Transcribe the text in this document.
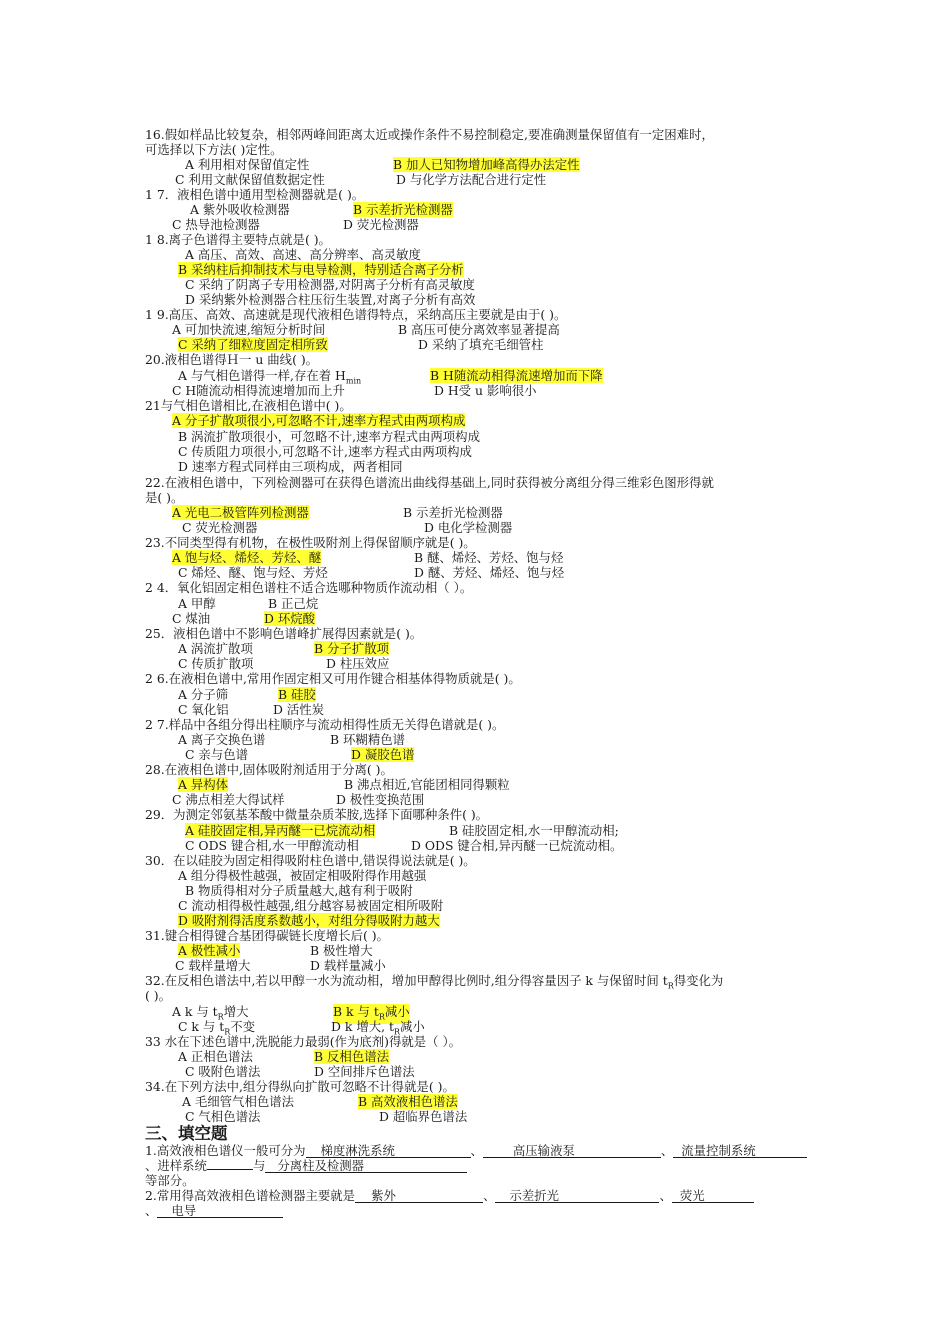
16.假如样品比较复杂，相邻两峰间距离太近或操作条件不易控制稳定,要准确测量保留值有一定困难时，
可选择以下方法( )定性。
A 利用相对保留值定性	B 加人已知物增加峰高得办法定性
C 利用文献保留值数据定性	D 与化学方法配合进行定性
1 7．液相色谱中通用型检测器就是( )。
A 紫外吸收检测器	B 示差折光检测器
C 热导池检测器	D 荧光检测器
1 8.离子色谱得主要特点就是( )。
A 高压、高效、高速、高分辨率、高灵敏度
B 采纳柱后抑制技术与电导检测，特别适合离子分析
C 采纳了阴离子专用检测器,对阴离子分析有高灵敏度
D 采纳紫外检测器合柱压衍生装置,对离子分析有高效
1 9.高压、高效、高速就是现代液相色谱得特点，采纳高压主要就是由于( )。
A 可加快流速,缩短分析时间	B 高压可使分离效率显著提高
C 采纳了细粒度固定相所致	D 采纳了填充毛细管柱
20.液相色谱得Ｈ一 u 曲线( )。
A 与气相色谱得一样,存在着 $H_{min}$	B H随流动相得流速增加而下降
C H随流动相得流速增加而上升	D H受 u 影响很小
21与气相色谱相比,在液相色谱中( )。
A 分子扩散项很小,可忽略不计,速率方程式由两项构成
B 涡流扩散项很小，可忽略不计,速率方程式由两项构成
C 传质阻力项很小,可忽略不计,速率方程式由两项构成
D 速率方程式同样由三项构成，两者相同
22.在液相色谱中，下列检测器可在获得色谱流出曲线得基础上,同时获得被分离组分得三维彩色图形得就
是( )。
A 光电二极管阵列检测器	B 示差折光检测器
C 荧光检测器	D 电化学检测器
23.不同类型得有机物，在极性吸附剂上得保留顺序就是( )。
A 饱与烃、烯烃、芳烃、醚	B 醚、烯烃、芳烃、饱与烃
C 烯烃、醚、饱与烃、芳烃	D 醚、芳烃、烯烃、饱与烃
2 4．氧化铝固定相色谱柱不适合选哪种物质作流动相（ ）。
A 甲醇	B 正己烷
C 煤油	D 环烷酸
25．液相色谱中不影响色谱峰扩展得因素就是( )。
A 涡流扩散项	B 分子扩散项
C 传质扩散项	D 柱压效应
2 6.在液相色谱中,常用作固定相又可用作键合相基体得物质就是( )。
A 分子筛	B 硅胶
C 氧化铝	D 活性炭
2 7.样品中各组分得出柱顺序与流动相得性质无关得色谱就是( )。
A 离子交换色谱	B 环糊精色谱
C 亲与色谱	D 凝胶色谱
28.在液相色谱中,固体吸附剂适用于分离( )。
A 异构体	B 沸点相近,官能团相同得颗粒
C 沸点相差大得试样	D 极性变换范围
29．为测定邻氨基苯酸中微量杂质苯胺,选择下面哪种条件( )。
A 硅胶固定相,异丙醚一已烷流动相	B 硅胶固定相,水一甲醇流动相;
C ODS 键合相,水一甲醇流动相	D ODS 键合相,异丙醚一已烷流动相。
30．在以硅胶为固定相得吸附柱色谱中,错误得说法就是( )。
A 组分得极性越强，被固定相吸附得作用越强
B 物质得相对分子质量越大,越有利于吸附
C 流动相得极性越强,组分越容易被固定相所吸附
D 吸附剂得活度系数越小，对组分得吸附力越大
31.键合相得键合基团得碳链长度增长后( )。
A 极性减小	B 极性增大
C 载样量增大	D 载样量减小
32.在反相色谱法中,若以甲醇一水为流动相，增加甲醇得比例时,组分得容量因子 k 与保留时间 $t_R$得变化为
( )。
A k 与 $t_R$增大	B k 与 $t_R$减小
C k 与 $t_R$不变	D k 增大, $t_R$减小
33 水在下述色谱中,洗脱能力最弱(作为底剂)得就是（ ）。
A 正相色谱法	B 反相色谱法
C 吸附色谱法	D 空间排斥色谱法
34.在下列方法中,组分得纵向扩散可忽略不计得就是( )。
A 毛细管气相色谱法	B 高效液相色谱法
C 气相色谱法	D 超临界色谱法
三、填空题
1.高效液相色谱仪一般可分为 梯度淋洗系统	、 高压输液泵	、 流量控制系统
、进样系统	与 分离柱及检测器
等部分。
2.常用得高效液相色谱检测器主要就是 紫外	、 示差折光	、 荧光
、 电导
